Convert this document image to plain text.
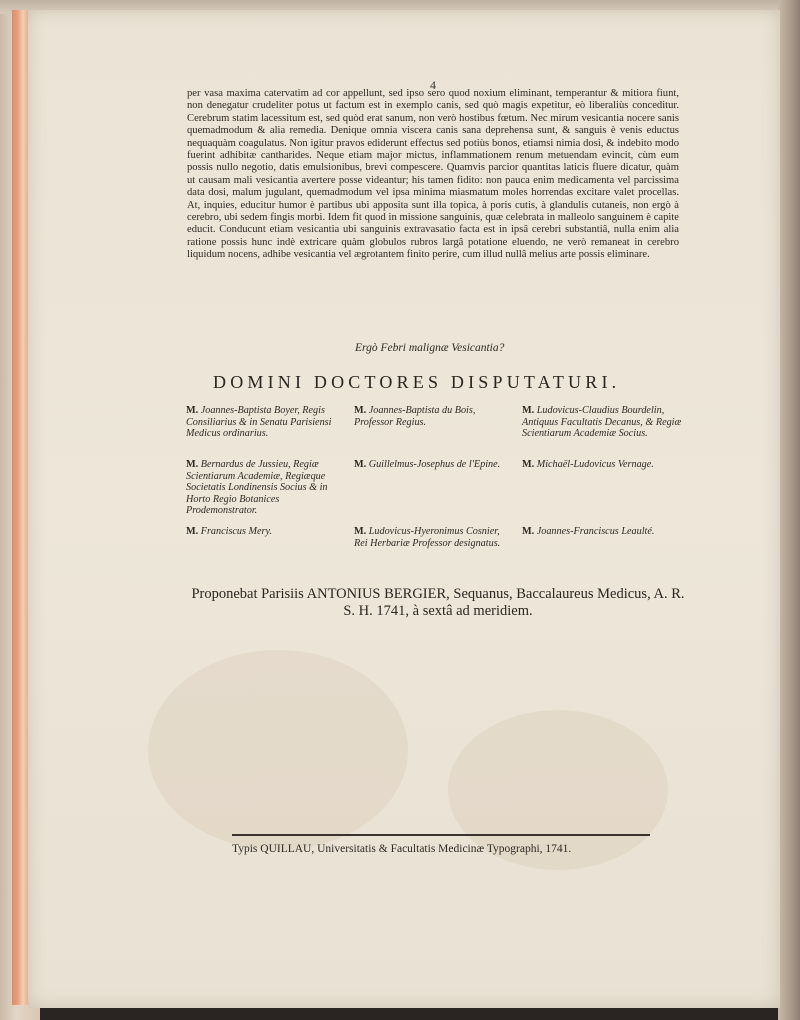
4

per vasa maxima catervatim ad cor appellunt, sed ipso sero quod noxium eliminant, temperantur & mitiora fiunt, non denegatur crudeliter potus ut factum est in exemplo canis, sed quò magis expetitur, eò liberaliùs conceditur. Cerebrum statim lacessitum est, sed quòd erat sanum, non verò hostibus fœtum. Nec mirum vesicantia nocere sanis quemadmodum & alia remedia. Denique omnia viscera canis sana deprehensa sunt, & sanguis è venis eductus nequaquàm coagulatus. Non igitur pravos ediderunt effectus sed potiùs bonos, etiamsi nimia dosi, & indebito modo fuerint adhibitæ cantharides. Neque etiam major mictus, inflammationem renum metuendam evincit, cùm eum possis nullo negotio, datis emulsionibus, brevi compescere. Quamvis parcior quantitas laticis fluere dicatur, quàm ut causam mali vesicantia avertere posse videantur; his tamen fidito: non pauca enim medicamenta vel parcissima data dosi, malum jugulant, quemadmodum vel ipsa minima miasmatum moles horrendas excitare valet procellas. At, inquies, educitur humor è partibus ubi apposita sunt illa topica, à poris cutis, à glandulis cutaneis, non ergò à cerebro, ubi sedem fingis morbi. Idem fit quod in missione sanguinis, quæ celebrata in malleolo sanguinem è capite educit. Conducunt etiam vesicantia ubi sanguinis extravasatio facta est in ipsâ cerebri substantiâ, nulla enim alia ratione possis hunc indè extricare quàm globulos rubros largâ potatione eluendo, ne verò remaneat in cerebro liquidum nocens, adhibe vesicantia vel ægrotantem finito perire, cum illud nullâ melius arte possis eliminare.

Ergò Febri malignæ Vesicantia?
DOMINI DOCTORES DISPUTATURI.
M. Joannes-Baptista Boyer, Regis Consiliarius & in Senatu Parisiensi Medicus ordinarius.
M. Joannes-Baptista du Bois, Professor Regius.
M. Ludovicus-Claudius Bourdelin, Antiquus Facultatis Decanus, & Regiæ Scientiarum Academiæ Socius.
M. Bernardus de Jussieu, Regiæ Scientiarum Academiæ, Regiæque Societatis Londinensis Socius & in Horto Regio Botanices Prodemonstrator.
M. Guillelmus-Josephus de l'Epine.	M. Michaël-Ludovicus Vernage.
M. Franciscus Mery.	M. Ludovicus-Hyeronimus Cosnier, Rei Herbariæ Professor designatus.
M. Joannes-Franciscus Leaulté.
Proponebat Parisiis ANTONIUS BERGIER, Sequanus, Baccalaureus Medicus, A. R. S. H. 1741, à sextâ ad meridiem.
Typis QUILLAU, Universitatis & Facultatis Medicinæ Typographi, 1741.
